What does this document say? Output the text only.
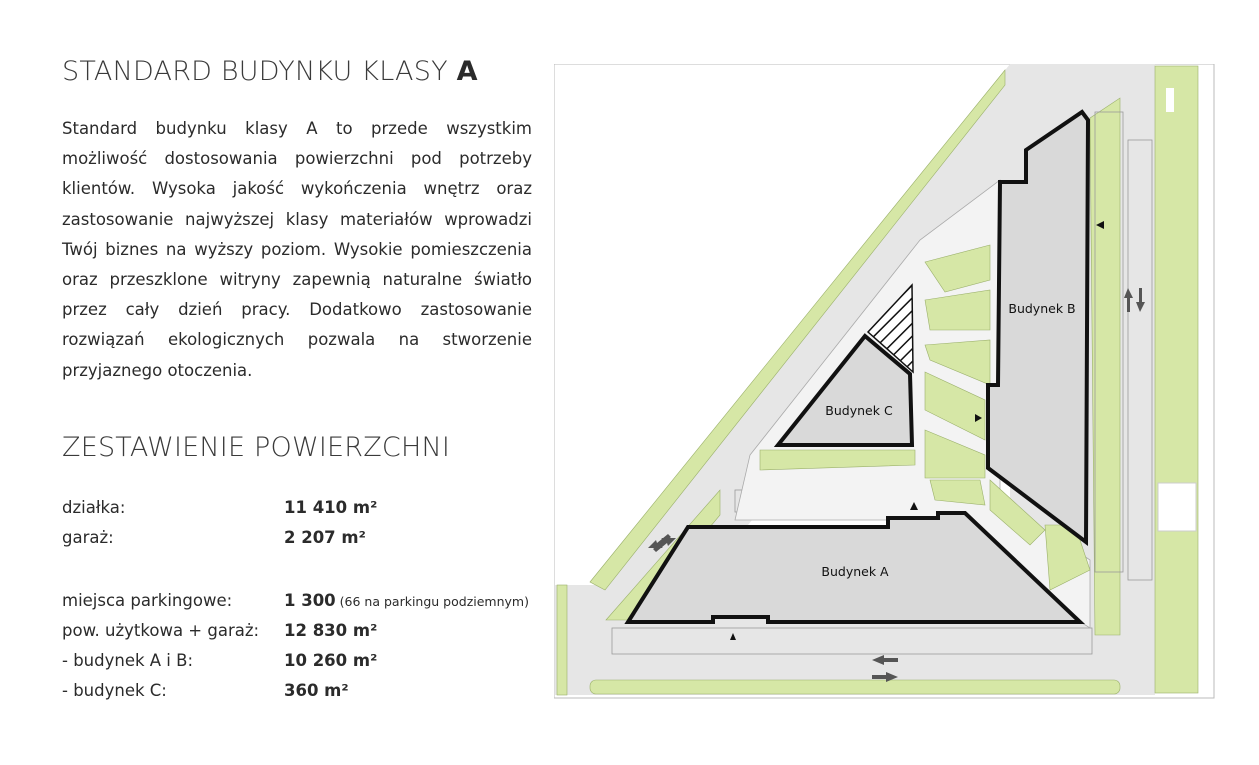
STANDARD BUDYNKU KLASY A

Standard budynku klasy A to przede wszystkim możliwość dostosowania powierzchni pod potrzeby klientów. Wysoka jakość wykończenia wnętrz oraz zastosowanie najwyższej klasy materiałów wprowadzi Twój biznes na wyższy poziom. Wysokie pomieszczenia oraz przeszklone witryny zapewnią naturalne światło przez cały dzień pracy. Dodatkowo zastosowanie rozwiązań ekologicznych pozwala na stworzenie przyjaznego otoczenia.

ZESTAWIENIE POWIERZCHNI
działka:	11 410 m²
garaż:	2 207 m²
miejsca parkingowe:	1 300 (66 na parkingu podziemnym)
pow. użytkowa + garaż: 12 830 m²
- budynek A i B:	10 260 m²
- budynek C:	360 m²
Budynek B
Budynek C
Budynek A
